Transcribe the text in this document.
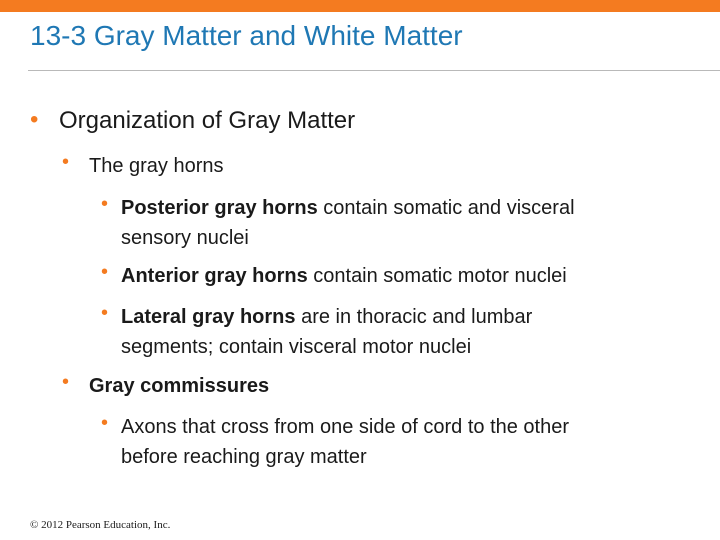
13-3 Gray Matter and White Matter
• Organization of Gray Matter
• The gray horns
• Posterior gray horns contain somatic and visceral
sensory nuclei
• Anterior gray horns contain somatic motor nuclei
• Lateral gray horns are in thoracic and lumbar
segments; contain visceral motor nuclei
• Gray commissures
• Axons that cross from one side of cord to the other
before reaching gray matter
© 2012 Pearson Education, Inc.
